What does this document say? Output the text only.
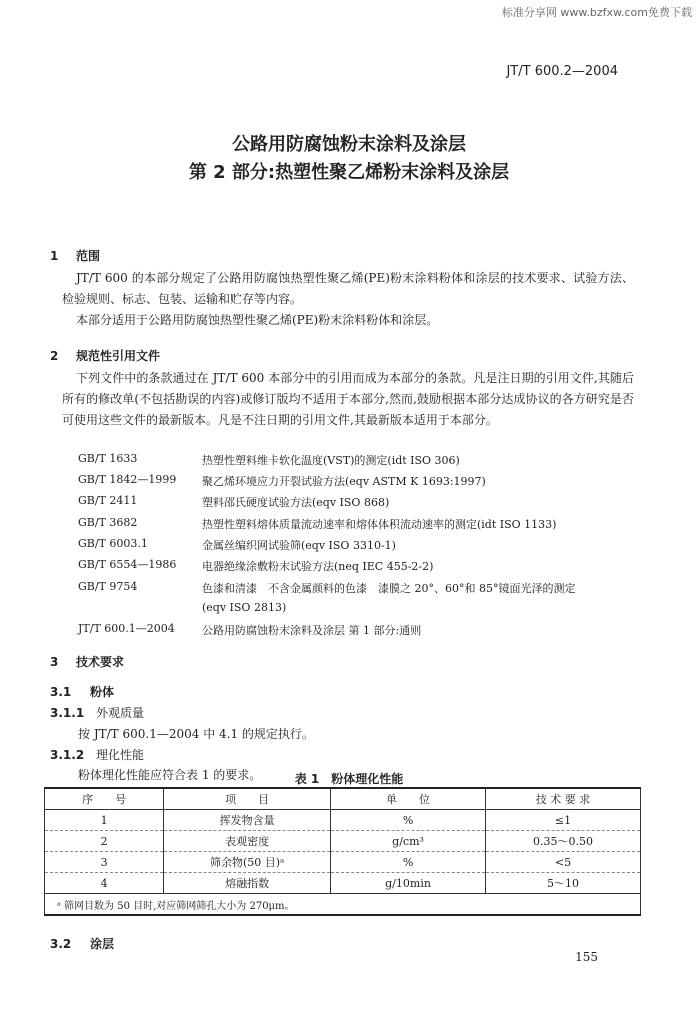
标准分享网 www.bzfxw.com免费下载
JT/T 600.2—2004
公路用防腐蚀粉末涂料及涂层
第 2 部分:热塑性聚乙烯粉末涂料及涂层
1 范围
JT/T 600 的本部分规定了公路用防腐蚀热塑性聚乙烯(PE)粉末涂料粉体和涂层的技术要求、试验方法、检验规则、标志、包装、运输和贮存等内容。
本部分适用于公路用防腐蚀热塑性聚乙烯(PE)粉末涂料粉体和涂层。
2 规范性引用文件
下列文件中的条款通过在 JT/T 600 本部分中的引用而成为本部分的条款。凡是注日期的引用文件,其随后所有的修改单(不包括勘误的内容)或修订版均不适用于本部分,然而,鼓励根据本部分达成协议的各方研究是否可使用这些文件的最新版本。凡是不注日期的引用文件,其最新版本适用于本部分。
GB/T 1633	热塑性塑料维卡软化温度(VST)的测定(idt ISO 306)
GB/T 1842—1999 聚乙烯环境应力开裂试验方法(eqv ASTM K 1693:1997)
GB/T 2411	塑料邵氏硬度试验方法(eqv ISO 868)
GB/T 3682	热塑性塑料熔体质量流动速率和熔体体积流动速率的测定(idt ISO 1133)
GB/T 6003.1	金属丝编织网试验筛(eqv ISO 3310-1)
GB/T 6554—1986 电器绝缘涂敷粉末试验方法(neq IEC 455-2-2)
GB/T 9754	色漆和清漆　不含金属颜料的色漆　漆膜之 20°、60°和 85°镜面光泽的测定
(eqv ISO 2813)
JT/T 600.1—2004 公路用防腐蚀粉末涂料及涂层 第 1 部分:通则
3 技术要求
3.1 粉体
3.1.1 外观质量
按 JT/T 600.1—2004 中 4.1 的规定执行。
3.1.2 理化性能
粉体理化性能应符合表 1 的要求。	表 1　粉体理化性能
序　　号	项　　目	单　　位	技 术 要 求
1	挥发物含量	%	≤1
2	表观密度	g/cm³	0.35～0.50
3	筛余物(50 目)ᵃ	%	<5
4	熔融指数	g/10min	5～10
ᵃ 筛网目数为 50 目时,对应筛网筛孔大小为 270μm。			
3.2 涂层
155
